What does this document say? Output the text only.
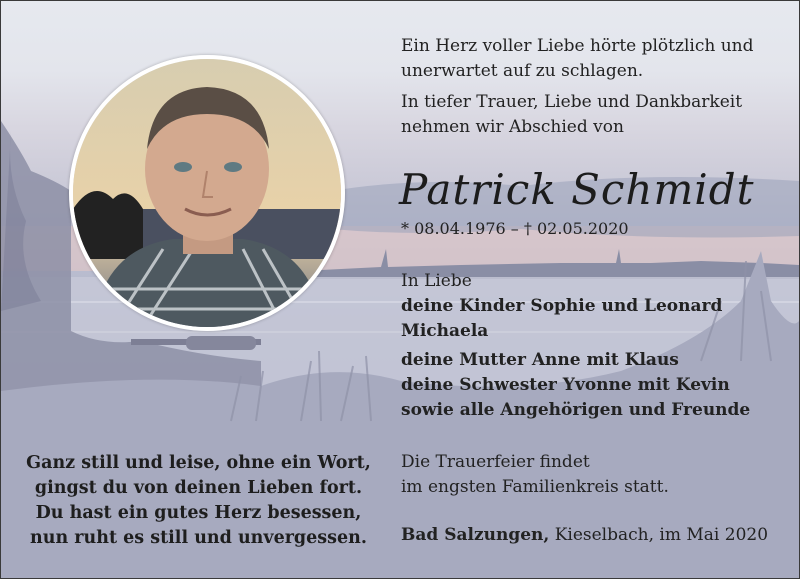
Ein Herz voller Liebe hörte plötzlich und
unerwartet auf zu schlagen.
In tiefer Trauer, Liebe und Dankbarkeit
nehmen wir Abschied von
Patrick Schmidt
* 08.04.1976 – † 02.05.2020
In Liebe
deine Kinder Sophie und Leonard
Michaela
deine Mutter Anne mit Klaus
deine Schwester Yvonne mit Kevin
sowie alle Angehörigen und Freunde
Die Trauerfeier findet
im engsten Familienkreis statt.
Bad Salzungen, Kieselbach, im Mai 2020
Ganz still und leise, ohne ein Wort,
gingst du von deinen Lieben fort.
Du hast ein gutes Herz besessen,
nun ruht es still und unvergessen.
